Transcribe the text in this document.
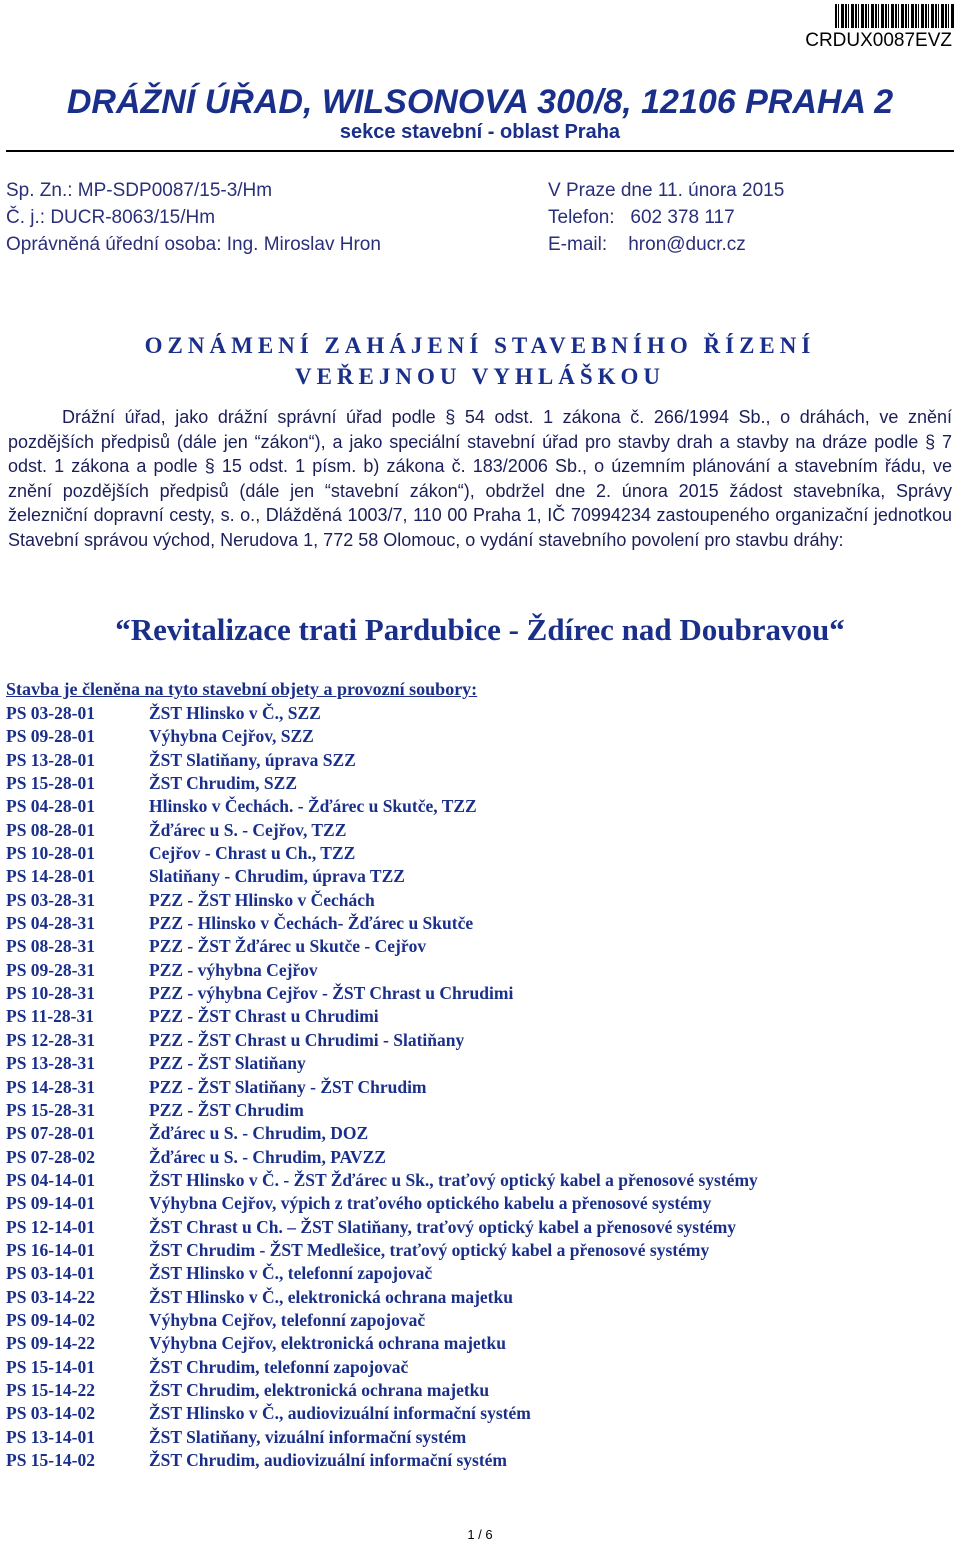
CRDUX0087EVZ
DRÁŽNÍ ÚŘAD, WILSONOVA 300/8, 12106 PRAHA 2
sekce stavební - oblast Praha
Sp. Zn.: MP-SDP0087/15-3/Hm
Č. j.: DUCR-8063/15/Hm
Oprávněná úřední osoba: Ing. Miroslav Hron
V Praze dne 11. února 2015
Telefon:   602 378 117
E-mail:    hron@ducr.cz
OZNÁMENÍ ZAHÁJENÍ STAVEBNÍHO ŘÍZENÍ
VEŘEJNOU VYHLÁŠKOU
Drážní úřad, jako drážní správní úřad podle § 54 odst. 1 zákona č. 266/1994 Sb., o dráhách, ve znění pozdějších předpisů (dále jen “zákon“), a jako speciální stavební úřad pro stavby drah a stavby na dráze podle § 7 odst. 1 zákona a podle § 15 odst. 1 písm. b) zákona č. 183/2006 Sb., o územním plánování a stavebním řádu, ve znění pozdějších předpisů (dále jen “stavební zákon“), obdržel dne 2. února 2015 žádost stavebníka, Správy železniční dopravní cesty, s. o., Dlážděná 1003/7, 110 00 Praha 1, IČ 70994234 zastoupeného organizační jednotkou Stavební správou východ, Nerudova 1, 772 58 Olomouc, o vydání stavebního povolení pro stavbu dráhy:
“Revitalizace trati Pardubice - Ždírec nad Doubravou“
Stavba je členěna na tyto stavební objety a provozní soubory:
PS 03-28-01	ŽST Hlinsko v Č., SZZ
PS 09-28-01	Výhybna Cejřov, SZZ
PS 13-28-01	ŽST Slatiňany, úprava SZZ
PS 15-28-01	ŽST Chrudim, SZZ
PS 04-28-01	Hlinsko v Čechách. - Žďárec u Skutče, TZZ
PS 08-28-01	Žďárec u S. - Cejřov, TZZ
PS 10-28-01	Cejřov - Chrast u Ch., TZZ
PS 14-28-01	Slatiňany - Chrudim, úprava TZZ
PS 03-28-31	PZZ - ŽST Hlinsko v Čechách
PS 04-28-31	PZZ - Hlinsko v Čechách- Žďárec u Skutče
PS 08-28-31	PZZ - ŽST Žďárec u Skutče - Cejřov
PS 09-28-31	PZZ - výhybna Cejřov
PS 10-28-31	PZZ - výhybna Cejřov - ŽST Chrast u Chrudimi
PS 11-28-31	PZZ - ŽST Chrast u Chrudimi
PS 12-28-31	PZZ - ŽST Chrast u Chrudimi - Slatiňany
PS 13-28-31	PZZ - ŽST Slatiňany
PS 14-28-31	PZZ - ŽST Slatiňany - ŽST Chrudim
PS 15-28-31	PZZ - ŽST Chrudim
PS 07-28-01	Žďárec u S. - Chrudim, DOZ
PS 07-28-02	Žďárec u S. - Chrudim, PAVZZ
PS 04-14-01	ŽST Hlinsko v Č. - ŽST Žďárec u Sk., traťový optický kabel a přenosové systémy
PS 09-14-01	Výhybna Cejřov, výpich z traťového optického kabelu a přenosové systémy
PS 12-14-01	ŽST Chrast u Ch. – ŽST Slatiňany, traťový optický kabel a přenosové systémy
PS 16-14-01	ŽST Chrudim - ŽST Medlešice, traťový optický kabel a přenosové systémy
PS 03-14-01	ŽST Hlinsko v Č., telefonní zapojovač
PS 03-14-22	ŽST Hlinsko v Č., elektronická ochrana majetku
PS 09-14-02	Výhybna Cejřov, telefonní zapojovač
PS 09-14-22	Výhybna Cejřov, elektronická ochrana majetku
PS 15-14-01	ŽST Chrudim, telefonní zapojovač
PS 15-14-22	ŽST Chrudim, elektronická ochrana majetku
PS 03-14-02	ŽST Hlinsko v Č., audiovizuální informační systém
PS 13-14-01	ŽST Slatiňany, vizuální informační systém
PS 15-14-02	ŽST Chrudim, audiovizuální informační systém
1 / 6
